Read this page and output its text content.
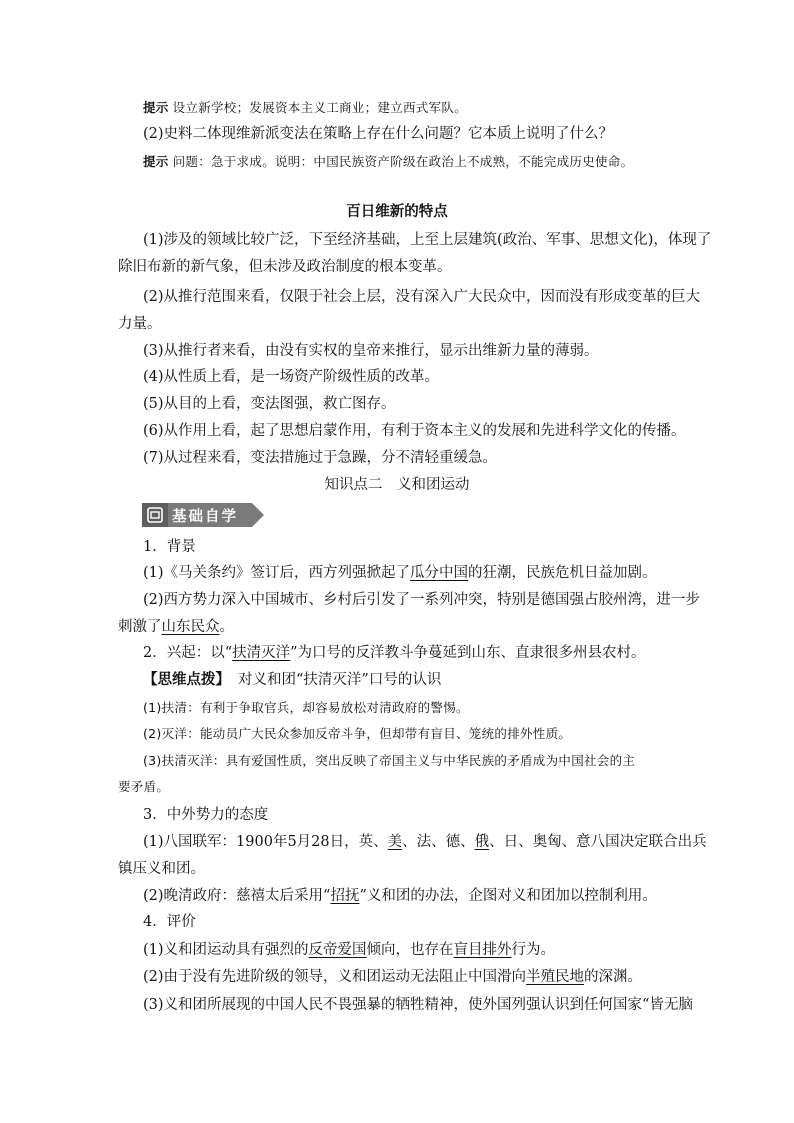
提示 设立新学校；发展资本主义工商业；建立西式军队。
(2)史料二体现维新派变法在策略上存在什么问题？它本质上说明了什么？
提示 问题：急于求成。说明：中国民族资产阶级在政治上不成熟，不能完成历史使命。
百日维新的特点
(1)涉及的领域比较广泛，下至经济基础，上至上层建筑(政治、军事、思想文化)，体现了
除旧布新的新气象，但未涉及政治制度的根本变革。
(2)从推行范围来看，仅限于社会上层，没有深入广大民众中，因而没有形成变革的巨大
力量。
(3)从推行者来看，由没有实权的皇帝来推行，显示出维新力量的薄弱。
(4)从性质上看，是一场资产阶级性质的改革。
(5)从目的上看，变法图强，救亡图存。
(6)从作用上看，起了思想启蒙作用，有利于资本主义的发展和先进科学文化的传播。
(7)从过程来看，变法措施过于急躁，分不清轻重缓急。
知识点二　义和团运动
基础自学
1．背景
(1)《马关条约》签订后，西方列强掀起了瓜分中国的狂潮，民族危机日益加剧。
(2)西方势力深入中国城市、乡村后引发了一系列冲突，特别是德国强占胶州湾，进一步
刺激了山东民众。
2．兴起：以“扶清灭洋”为口号的反洋教斗争蔓延到山东、直隶很多州县农村。
【思维点拨】 对义和团“扶清灭洋”口号的认识
(1)扶清：有利于争取官兵，却容易放松对清政府的警惕。
(2)灭洋：能动员广大民众参加反帝斗争，但却带有盲目、笼统的排外性质。
(3)扶清灭洋：具有爱国性质，突出反映了帝国主义与中华民族的矛盾成为中国社会的主
要矛盾。
3．中外势力的态度
(1)八国联军：1900年5月28日，英、美、法、德、俄、日、奥匈、意八国决定联合出兵
镇压义和团。
(2)晚清政府：慈禧太后采用“招抚”义和团的办法，企图对义和团加以控制利用。
4．评价
(1)义和团运动具有强烈的反帝爱国倾向，也存在盲目排外行为。
(2)由于没有先进阶级的领导，义和团运动无法阻止中国滑向半殖民地的深渊。
(3)义和团所展现的中国人民不畏强暴的牺牲精神，使外国列强认识到任何国家“皆无脑
